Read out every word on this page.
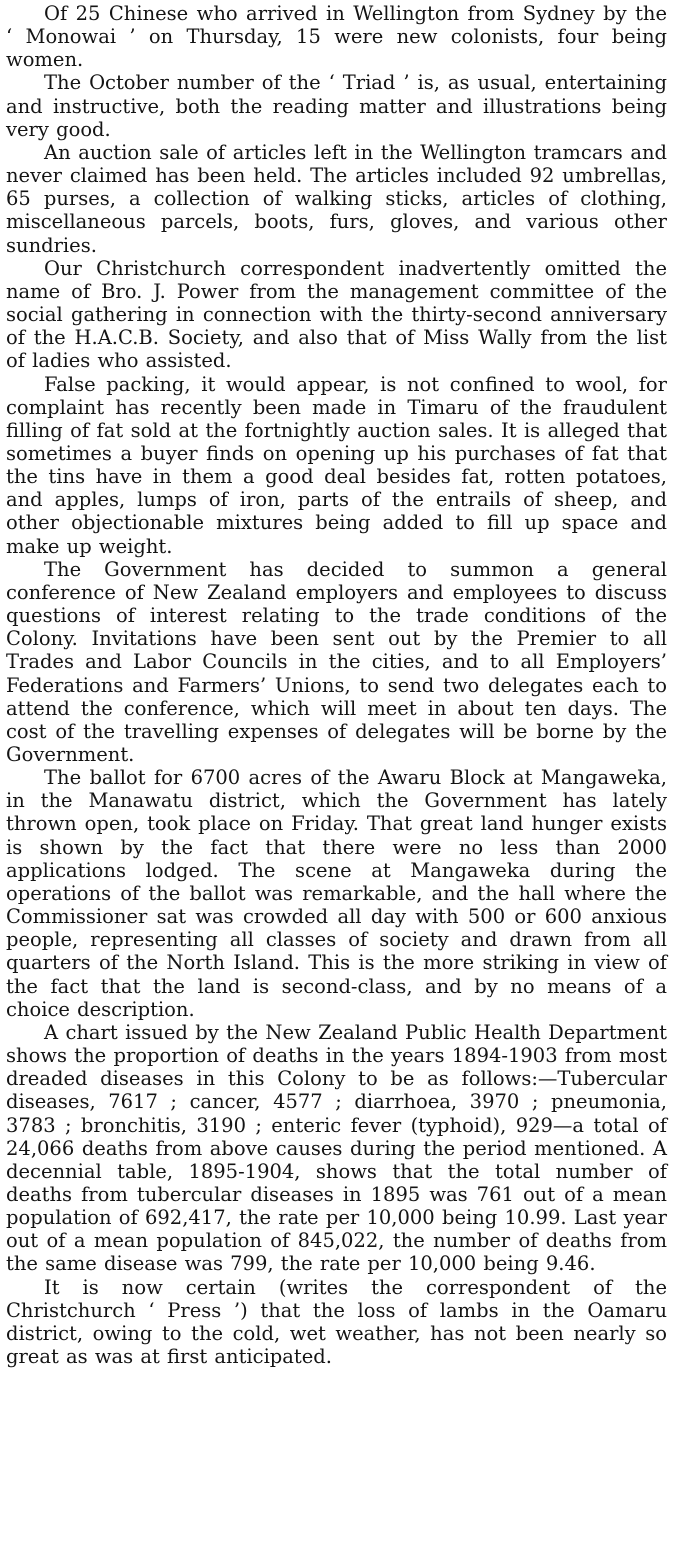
Of 25 Chinese who arrived in Wellington from Sydney by the ‘ Monowai ’ on Thursday, 15 were new colonists, four being women.

The October number of the ‘ Triad ’ is, as usual, entertaining and instructive, both the reading matter and illustrations being very good.

An auction sale of articles left in the Wellington tramcars and never claimed has been held. The articles included 92 umbrellas, 65 purses, a collection of walking sticks, articles of clothing, miscellaneous parcels, boots, furs, gloves, and various other sundries.

Our Christchurch correspondent inadvertently omitted the name of Bro. J. Power from the management committee of the social gathering in connection with the thirty-second anniversary of the H.A.C.B. Society, and also that of Miss Wally from the list of ladies who assisted.

False packing, it would appear, is not confined to wool, for complaint has recently been made in Timaru of the fraudulent filling of fat sold at the fortnightly auction sales. It is alleged that sometimes a buyer finds on opening up his purchases of fat that the tins have in them a good deal besides fat, rotten potatoes, and apples, lumps of iron, parts of the entrails of sheep, and other objectionable mixtures being added to fill up space and make up weight.

The Government has decided to summon a general conference of New Zealand employers and employees to discuss questions of interest relating to the trade conditions of the Colony. Invitations have been sent out by the Premier to all Trades and Labor Councils in the cities, and to all Employers’ Federations and Farmers’ Unions, to send two delegates each to attend the conference, which will meet in about ten days. The cost of the travelling expenses of delegates will be borne by the Government.

The ballot for 6700 acres of the Awaru Block at Mangaweka, in the Manawatu district, which the Government has lately thrown open, took place on Friday. That great land hunger exists is shown by the fact that there were no less than 2000 applications lodged. The scene at Mangaweka during the operations of the ballot was remarkable, and the hall where the Commissioner sat was crowded all day with 500 or 600 anxious people, representing all classes of society and drawn from all quarters of the North Island. This is the more striking in view of the fact that the land is second-class, and by no means of a choice description.

A chart issued by the New Zealand Public Health Department shows the proportion of deaths in the years 1894-1903 from most dreaded diseases in this Colony to be as follows:—Tubercular diseases, 7617 ; cancer, 4577 ; diarrhoea, 3970 ; pneumonia, 3783 ; bronchitis, 3190 ; enteric fever (typhoid), 929—a total of 24,066 deaths from above causes during the period mentioned. A decennial table, 1895-1904, shows that the total number of deaths from tubercular diseases in 1895 was 761 out of a mean population of 692,417, the rate per 10,000 being 10.99. Last year out of a mean population of 845,022, the number of deaths from the same disease was 799, the rate per 10,000 being 9.46.

It is now certain (writes the correspondent of the Christchurch ‘ Press ’) that the loss of lambs in the Oamaru district, owing to the cold, wet weather, has not been nearly so great as was at first anticipated.
